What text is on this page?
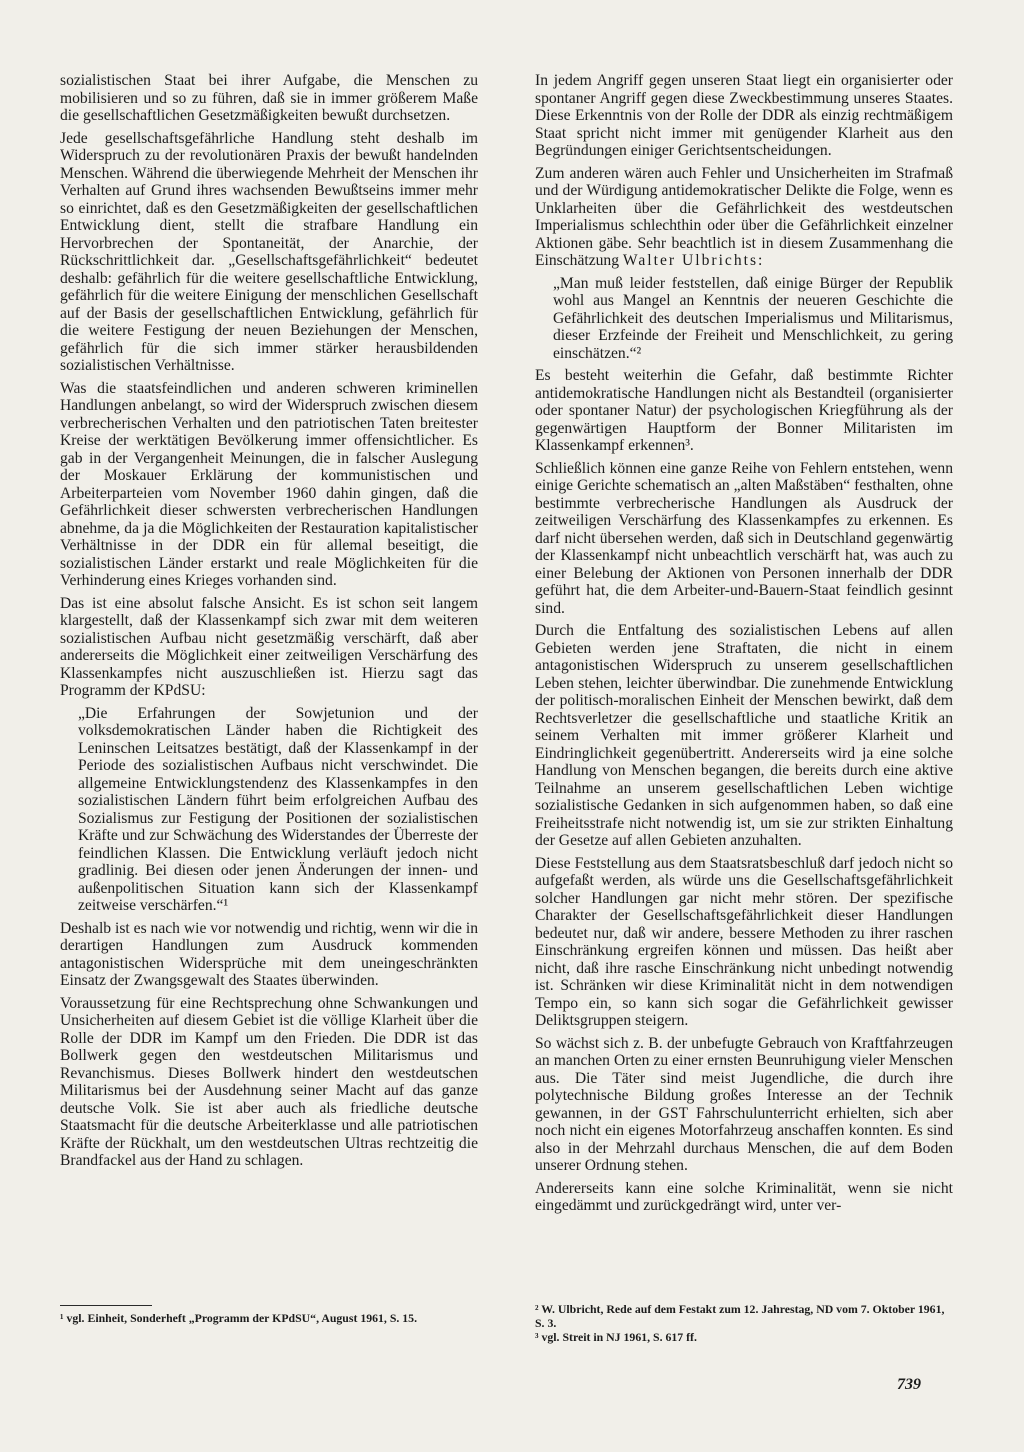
sozialistischen Staat bei ihrer Aufgabe, die Menschen zu mobilisieren und so zu führen, daß sie in immer größerem Maße die gesellschaftlichen Gesetzmäßigkeiten bewußt durchsetzen.

Jede gesellschaftsgefährliche Handlung steht deshalb im Widerspruch zu der revolutionären Praxis der bewußt handelnden Menschen. Während die überwiegende Mehrheit der Menschen ihr Verhalten auf Grund ihres wachsenden Bewußtseins immer mehr so einrichtet, daß es den Gesetzmäßigkeiten der gesellschaftlichen Entwicklung dient, stellt die strafbare Handlung ein Hervorbrechen der Spontaneität, der Anarchie, der Rückschrittlichkeit dar. „Gesellschaftsgefährlichkeit“ bedeutet deshalb: gefährlich für die weitere gesellschaftliche Entwicklung, gefährlich für die weitere Einigung der menschlichen Gesellschaft auf der Basis der gesellschaftlichen Entwicklung, gefährlich für die weitere Festigung der neuen Beziehungen der Menschen, gefährlich für die sich immer stärker herausbildenden sozialistischen Verhältnisse.

Was die staatsfeindlichen und anderen schweren kriminellen Handlungen anbelangt, so wird der Widerspruch zwischen diesem verbrecherischen Verhalten und den patriotischen Taten breitester Kreise der werktätigen Bevölkerung immer offensichtlicher. Es gab in der Vergangenheit Meinungen, die in falscher Auslegung der Moskauer Erklärung der kommunistischen und Arbeiterparteien vom November 1960 dahin gingen, daß die Gefährlichkeit dieser schwersten verbrecherischen Handlungen abnehme, da ja die Möglichkeiten der Restauration kapitalistischer Verhältnisse in der DDR ein für allemal beseitigt, die sozialistischen Länder erstarkt und reale Möglichkeiten für die Verhinderung eines Krieges vorhanden sind.

Das ist eine absolut falsche Ansicht. Es ist schon seit langem klargestellt, daß der Klassenkampf sich zwar mit dem weiteren sozialistischen Aufbau nicht gesetzmäßig verschärft, daß aber andererseits die Möglichkeit einer zeitweiligen Verschärfung des Klassenkampfes nicht auszuschließen ist. Hierzu sagt das Programm der KPdSU:

„Die Erfahrungen der Sowjetunion und der volksdemokratischen Länder haben die Richtigkeit des Leninschen Leitsatzes bestätigt, daß der Klassenkampf in der Periode des sozialistischen Aufbaus nicht verschwindet. Die allgemeine Entwicklungstendenz des Klassenkampfes in den sozialistischen Ländern führt beim erfolgreichen Aufbau des Sozialismus zur Festigung der Positionen der sozialistischen Kräfte und zur Schwächung des Widerstandes der Überreste der feindlichen Klassen. Die Entwicklung verläuft jedoch nicht gradlinig. Bei diesen oder jenen Änderungen der innen- und außenpolitischen Situation kann sich der Klassenkampf zeitweise verschärfen.“¹

Deshalb ist es nach wie vor notwendig und richtig, wenn wir die in derartigen Handlungen zum Ausdruck kommenden antagonistischen Widersprüche mit dem uneingeschränkten Einsatz der Zwangsgewalt des Staates überwinden.

Voraussetzung für eine Rechtsprechung ohne Schwankungen und Unsicherheiten auf diesem Gebiet ist die völlige Klarheit über die Rolle der DDR im Kampf um den Frieden. Die DDR ist das Bollwerk gegen den westdeutschen Militarismus und Revanchismus. Dieses Bollwerk hindert den westdeutschen Militarismus bei der Ausdehnung seiner Macht auf das ganze deutsche Volk. Sie ist aber auch als friedliche deutsche Staatsmacht für die deutsche Arbeiterklasse und alle patriotischen Kräfte der Rückhalt, um den westdeutschen Ultras rechtzeitig die Brandfackel aus der Hand zu schlagen.

In jedem Angriff gegen unseren Staat liegt ein organisierter oder spontaner Angriff gegen diese Zweckbestimmung unseres Staates. Diese Erkenntnis von der Rolle der DDR als einzig rechtmäßigem Staat spricht nicht immer mit genügender Klarheit aus den Begründungen einiger Gerichtsentscheidungen.

Zum anderen wären auch Fehler und Unsicherheiten im Strafmaß und der Würdigung antidemokratischer Delikte die Folge, wenn es Unklarheiten über die Gefährlichkeit des westdeutschen Imperialismus schlechthin oder über die Gefährlichkeit einzelner Aktionen gäbe. Sehr beachtlich ist in diesem Zusammenhang die Einschätzung Walter Ulbrichts:

„Man muß leider feststellen, daß einige Bürger der Republik wohl aus Mangel an Kenntnis der neueren Geschichte die Gefährlichkeit des deutschen Imperialismus und Militarismus, dieser Erzfeinde der Freiheit und Menschlichkeit, zu gering einschätzen.“²

Es besteht weiterhin die Gefahr, daß bestimmte Richter antidemokratische Handlungen nicht als Bestandteil (organisierter oder spontaner Natur) der psychologischen Kriegführung als der gegenwärtigen Hauptform der Bonner Militaristen im Klassenkampf erkennen³.

Schließlich können eine ganze Reihe von Fehlern entstehen, wenn einige Gerichte schematisch an „alten Maßstäben“ festhalten, ohne bestimmte verbrecherische Handlungen als Ausdruck der zeitweiligen Verschärfung des Klassenkampfes zu erkennen. Es darf nicht übersehen werden, daß sich in Deutschland gegenwärtig der Klassenkampf nicht unbeachtlich verschärft hat, was auch zu einer Belebung der Aktionen von Personen innerhalb der DDR geführt hat, die dem Arbeiter-und-Bauern-Staat feindlich gesinnt sind.

Durch die Entfaltung des sozialistischen Lebens auf allen Gebieten werden jene Straftaten, die nicht in einem antagonistischen Widerspruch zu unserem gesellschaftlichen Leben stehen, leichter überwindbar. Die zunehmende Entwicklung der politisch-moralischen Einheit der Menschen bewirkt, daß dem Rechtsverletzer die gesellschaftliche und staatliche Kritik an seinem Verhalten mit immer größerer Klarheit und Eindringlichkeit gegenübertritt. Andererseits wird ja eine solche Handlung von Menschen begangen, die bereits durch eine aktive Teilnahme an unserem gesellschaftlichen Leben wichtige sozialistische Gedanken in sich aufgenommen haben, so daß eine Freiheitsstrafe nicht notwendig ist, um sie zur strikten Einhaltung der Gesetze auf allen Gebieten anzuhalten.

Diese Feststellung aus dem Staatsratsbeschluß darf jedoch nicht so aufgefaßt werden, als würde uns die Gesellschaftsgefährlichkeit solcher Handlungen gar nicht mehr stören. Der spezifische Charakter der Gesellschaftsgefährlichkeit dieser Handlungen bedeutet nur, daß wir andere, bessere Methoden zu ihrer raschen Einschränkung ergreifen können und müssen. Das heißt aber nicht, daß ihre rasche Einschränkung nicht unbedingt notwendig ist. Schränken wir diese Kriminalität nicht in dem notwendigen Tempo ein, so kann sich sogar die Gefährlichkeit gewisser Deliktsgruppen steigern.

So wächst sich z. B. der unbefugte Gebrauch von Kraftfahrzeugen an manchen Orten zu einer ernsten Beunruhigung vieler Menschen aus. Die Täter sind meist Jugendliche, die durch ihre polytechnische Bildung großes Interesse an der Technik gewannen, in der GST Fahrschulunterricht erhielten, sich aber noch nicht ein eigenes Motorfahrzeug anschaffen konnten. Es sind also in der Mehrzahl durchaus Menschen, die auf dem Boden unserer Ordnung stehen.

Andererseits kann eine solche Kriminalität, wenn sie nicht eingedämmt und zurückgedrängt wird, unter ver-

¹ vgl. Einheit, Sonderheft „Programm der KPdSU“, August 1961, S. 15.
² W. Ulbricht, Rede auf dem Festakt zum 12. Jahrestag, ND vom 7. Oktober 1961, S. 3.
³ vgl. Streit in NJ 1961, S. 617 ff.
739
